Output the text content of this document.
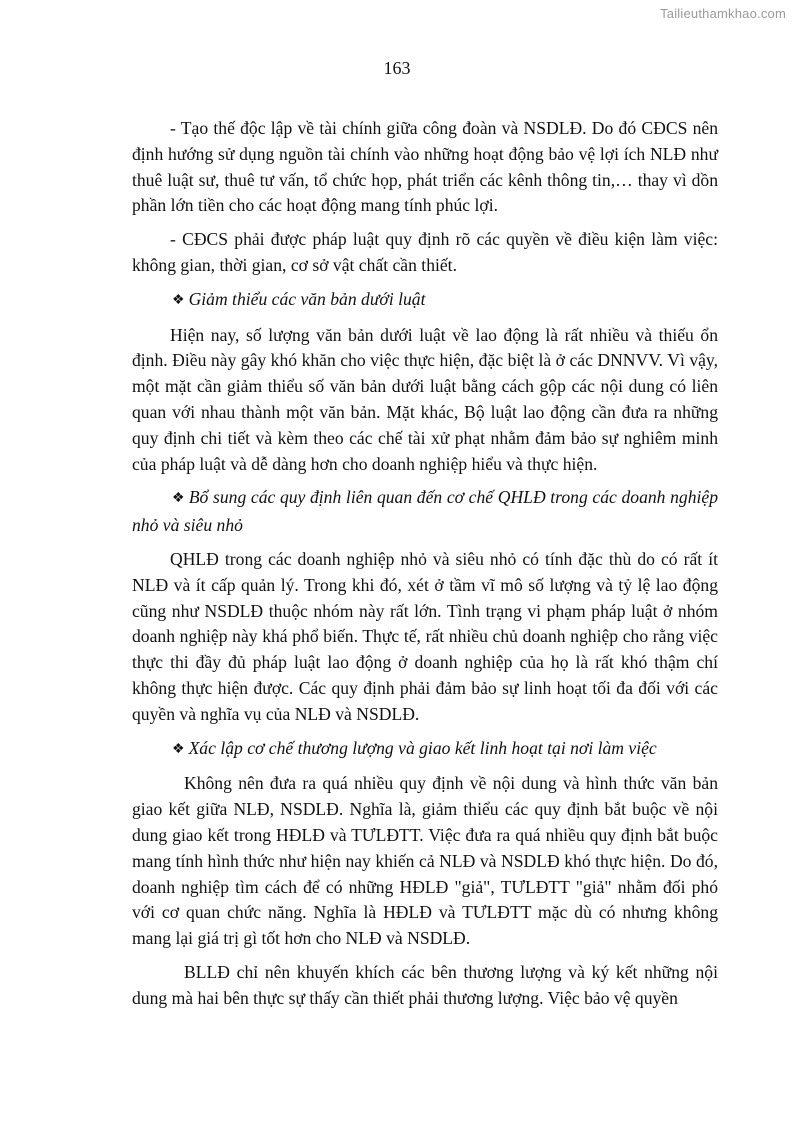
Tailieuthamkhao.com
163

- Tạo thế độc lập về tài chính giữa công đoàn và NSDLĐ. Do đó CĐCS nên định hướng sử dụng nguồn tài chính vào những hoạt động bảo vệ lợi ích NLĐ như thuê luật sư, thuê tư vấn, tổ chức họp, phát triển các kênh thông tin,… thay vì dồn phần lớn tiền cho các hoạt động mang tính phúc lợi.

- CĐCS phải được pháp luật quy định rõ các quyền về điều kiện làm việc: không gian, thời gian, cơ sở vật chất cần thiết.

❖ Giảm thiểu các văn bản dưới luật

Hiện nay, số lượng văn bản dưới luật về lao động là rất nhiều và thiếu ổn định. Điều này gây khó khăn cho việc thực hiện, đặc biệt là ở các DNNVV. Vì vậy, một mặt cần giảm thiểu số văn bản dưới luật bằng cách gộp các nội dung có liên quan với nhau thành một văn bản. Mặt khác, Bộ luật lao động cần đưa ra những quy định chi tiết và kèm theo các chế tài xử phạt nhằm đảm bảo sự nghiêm minh của pháp luật và dễ dàng hơn cho doanh nghiệp hiểu và thực hiện.

❖ Bổ sung các quy định liên quan đến cơ chế QHLĐ trong các doanh nghiệp nhỏ và siêu nhỏ

QHLĐ trong các doanh nghiệp nhỏ và siêu nhỏ có tính đặc thù do có rất ít NLĐ và ít cấp quản lý. Trong khi đó, xét ở tầm vĩ mô số lượng và tỷ lệ lao động cũng như NSDLĐ thuộc nhóm này rất lớn. Tình trạng vi phạm pháp luật ở nhóm doanh nghiệp này khá phổ biến. Thực tế, rất nhiều chủ doanh nghiệp cho rằng việc thực thi đầy đủ pháp luật lao động ở doanh nghiệp của họ là rất khó thậm chí không thực hiện được. Các quy định phải đảm bảo sự linh hoạt tối đa đối với các quyền và nghĩa vụ của NLĐ và NSDLĐ.

❖ Xác lập cơ chế thương lượng và giao kết linh hoạt tại nơi làm việc

Không nên đưa ra quá nhiều quy định về nội dung và hình thức văn bản giao kết giữa NLĐ, NSDLĐ. Nghĩa là, giảm thiểu các quy định bắt buộc về nội dung giao kết trong HĐLĐ và TƯLĐTT. Việc đưa ra quá nhiều quy định bắt buộc mang tính hình thức như hiện nay khiến cả NLĐ và NSDLĐ khó thực hiện. Do đó, doanh nghiệp tìm cách để có những HĐLĐ "giả", TƯLĐTT "giả" nhằm đối phó với cơ quan chức năng. Nghĩa là HĐLĐ và TƯLĐTT mặc dù có nhưng không mang lại giá trị gì tốt hơn cho NLĐ và NSDLĐ.

BLLĐ chỉ nên khuyến khích các bên thương lượng và ký kết những nội dung mà hai bên thực sự thấy cần thiết phải thương lượng. Việc bảo vệ quyền
